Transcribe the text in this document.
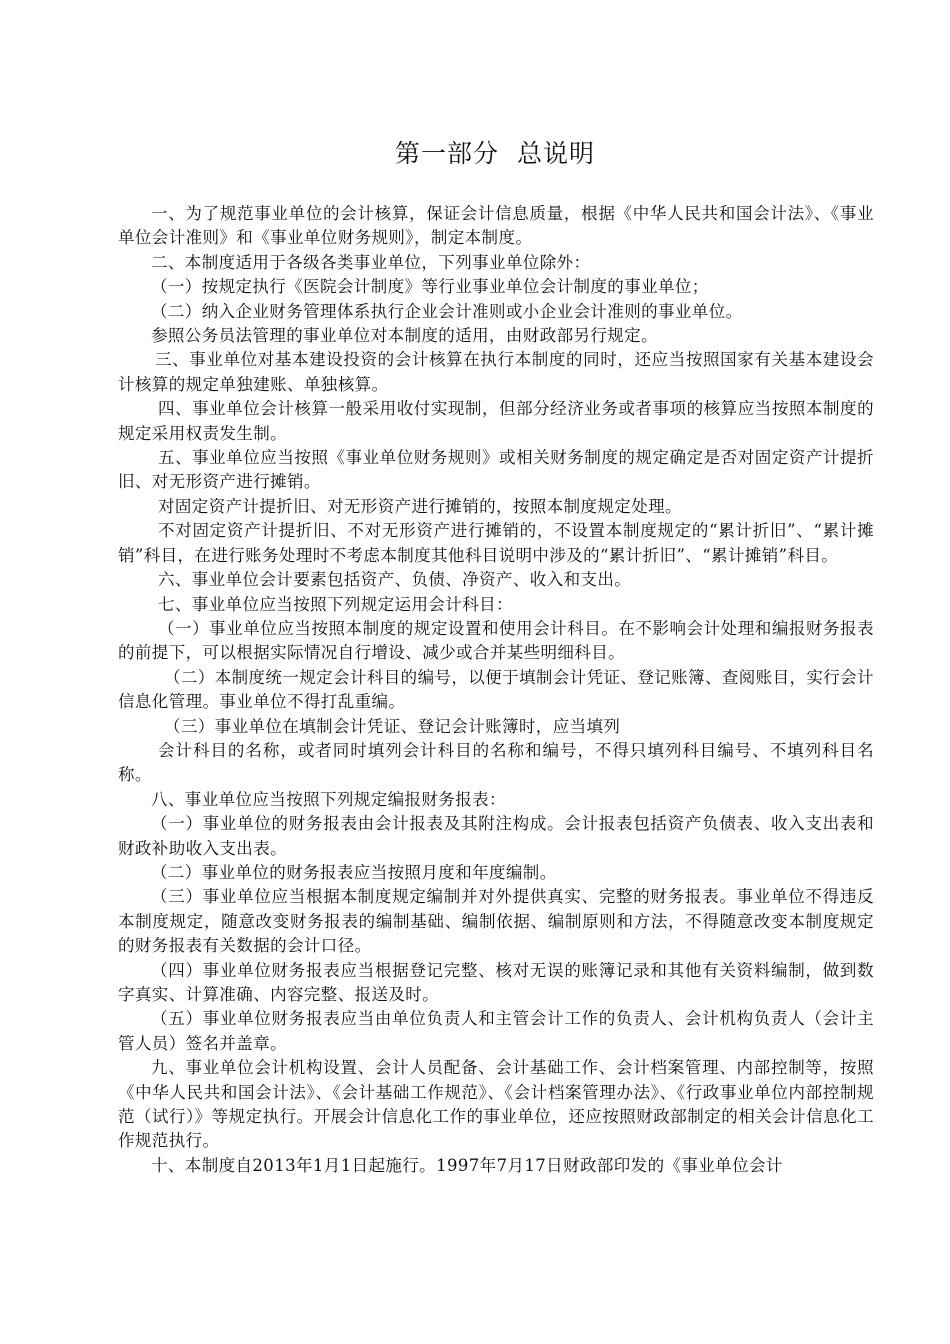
第一部分  总说明

一、为了规范事业单位的会计核算，保证会计信息质量，根据《中华人民共和国会计法》、《事业单位会计准则》和《事业单位财务规则》，制定本制度。

二、本制度适用于各级各类事业单位，下列事业单位除外：

（一）按规定执行《医院会计制度》等行业事业单位会计制度的事业单位；

（二）纳入企业财务管理体系执行企业会计准则或小企业会计准则的事业单位。

参照公务员法管理的事业单位对本制度的适用，由财政部另行规定。

三、事业单位对基本建设投资的会计核算在执行本制度的同时，还应当按照国家有关基本建设会计核算的规定单独建账、单独核算。

四、事业单位会计核算一般采用收付实现制，但部分经济业务或者事项的核算应当按照本制度的规定采用权责发生制。

五、事业单位应当按照《事业单位财务规则》或相关财务制度的规定确定是否对固定资产计提折旧、对无形资产进行摊销。

对固定资产计提折旧、对无形资产进行摊销的，按照本制度规定处理。

不对固定资产计提折旧、不对无形资产进行摊销的，不设置本制度规定的“累计折旧”、“累计摊销”科目，在进行账务处理时不考虑本制度其他科目说明中涉及的“累计折旧”、“累计摊销”科目。

六、事业单位会计要素包括资产、负债、净资产、收入和支出。

七、事业单位应当按照下列规定运用会计科目：

（一）事业单位应当按照本制度的规定设置和使用会计科目。在不影响会计处理和编报财务报表的前提下，可以根据实际情况自行增设、减少或合并某些明细科目。

（二）本制度统一规定会计科目的编号，以便于填制会计凭证、登记账簿、查阅账目，实行会计信息化管理。事业单位不得打乱重编。

（三）事业单位在填制会计凭证、登记会计账簿时，应当填列

会计科目的名称，或者同时填列会计科目的名称和编号，不得只填列科目编号、不填列科目名称。

八、事业单位应当按照下列规定编报财务报表：

（一）事业单位的财务报表由会计报表及其附注构成。会计报表包括资产负债表、收入支出表和财政补助收入支出表。

（二）事业单位的财务报表应当按照月度和年度编制。

（三）事业单位应当根据本制度规定编制并对外提供真实、完整的财务报表。事业单位不得违反本制度规定，随意改变财务报表的编制基础、编制依据、编制原则和方法，不得随意改变本制度规定的财务报表有关数据的会计口径。

（四）事业单位财务报表应当根据登记完整、核对无误的账簿记录和其他有关资料编制，做到数字真实、计算准确、内容完整、报送及时。

（五）事业单位财务报表应当由单位负责人和主管会计工作的负责人、会计机构负责人（会计主管人员）签名并盖章。

九、事业单位会计机构设置、会计人员配备、会计基础工作、会计档案管理、内部控制等，按照《中华人民共和国会计法》、《会计基础工作规范》、《会计档案管理办法》、《行政事业单位内部控制规范（试行）》等规定执行。开展会计信息化工作的事业单位，还应按照财政部制定的相关会计信息化工作规范执行。

十、本制度自2013年1月1日起施行。1997年7月17日财政部印发的《事业单位会计
